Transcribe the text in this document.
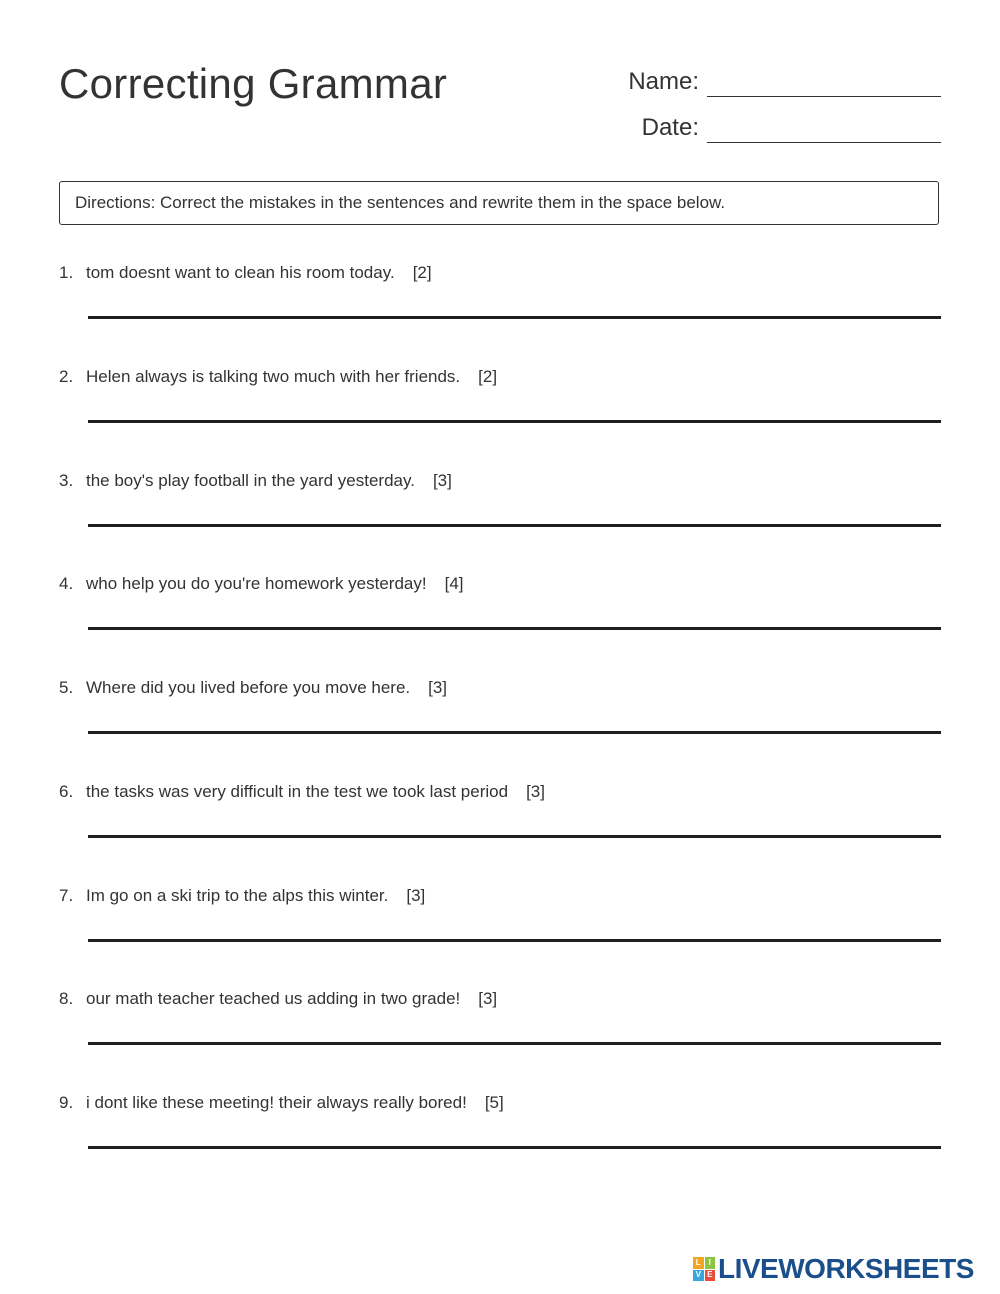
Correcting Grammar	Name:
Date:
Directions: Correct the mistakes in the sentences and rewrite them in the space below.
1. tom doesnt want to clean his room today. [2]
2. Helen always is talking two much with her friends. [2]
3. the boy's play football in the yard yesterday. [3]
4. who help you do you're homework yesterday! [4]
5. Where did you lived before you move here. [3]
6. the tasks was very difficult in the test we took last period [3]
7. Im go on a ski trip to the alps this winter. [3]
8. our math teacher teached us adding in two grade! [3]
9. i dont like these meeting! their always really bored! [5]
L I
V E LIVEWORKSHEETS
